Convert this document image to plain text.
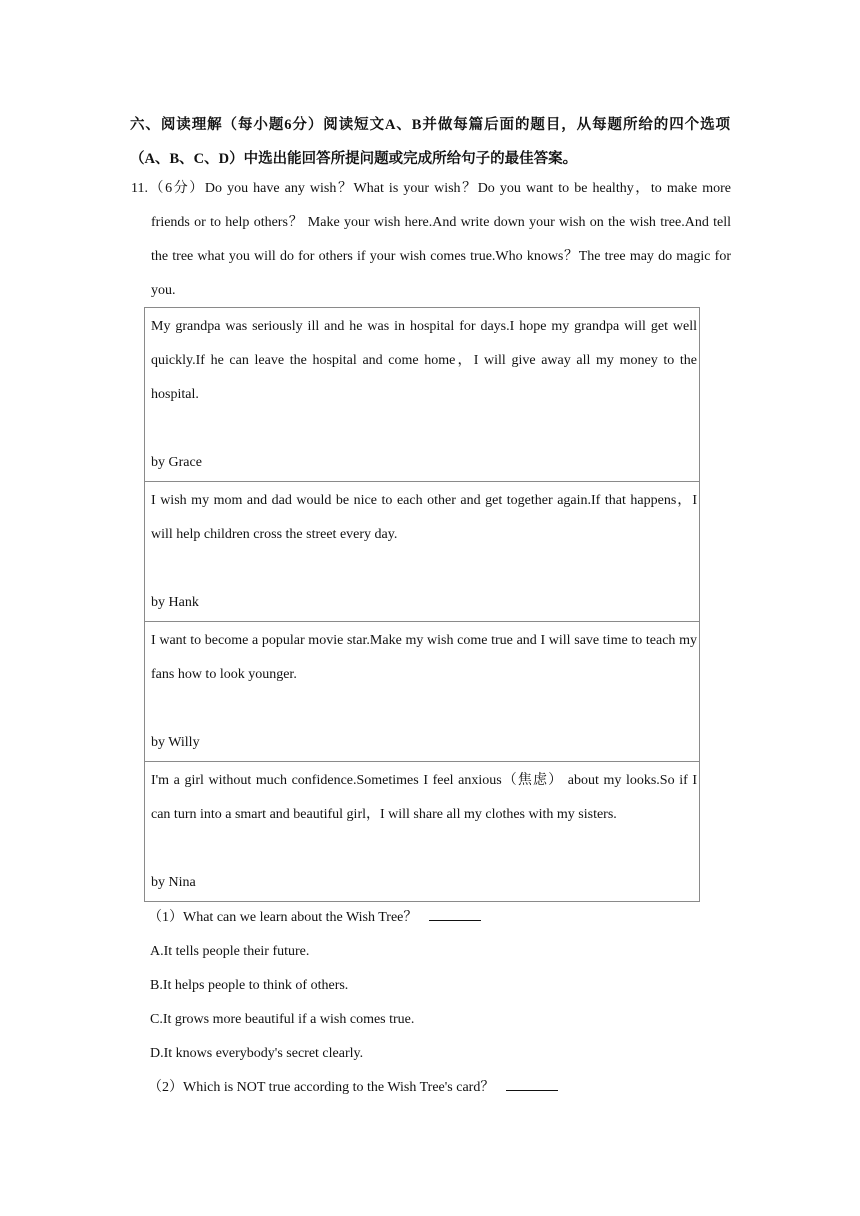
六、阅读理解（每小题6分）阅读短文A、B并做每篇后面的题目，从每题所给的四个选项（A、B、C、D）中选出能回答所提问题或完成所给句子的最佳答案。
11.（6分）Do you have any wish？What is your wish？Do you want to be healthy，to make more friends or to help others？ Make your wish here.And write down your wish on the wish tree.And tell the tree what you will do for others if your wish comes true.Who knows？The tree may do magic for you.
My grandpa was seriously ill and he was in hospital for days.I hope my grandpa will get well quickly.If he can leave the hospital and come home，I will give away all my money to the hospital.
by Grace

I wish my mom and dad would be nice to each other and get together again.If that happens，I will help children cross the street every day.
by Hank

I want to become a popular movie star.Make my wish come true and I will save time to teach my fans how to look younger.
by Willy

I'm a girl without much confidence.Sometimes I feel anxious（焦虑） about my looks.So if I can turn into a smart and beautiful girl，I will share all my clothes with my sisters.
by Nina
（1）What can we learn about the Wish Tree？
A.It tells people their future.
B.It helps people to think of others.
C.It grows more beautiful if a wish comes true.
D.It knows everybody's secret clearly.
（2）Which is NOT true according to the Wish Tree's card？
